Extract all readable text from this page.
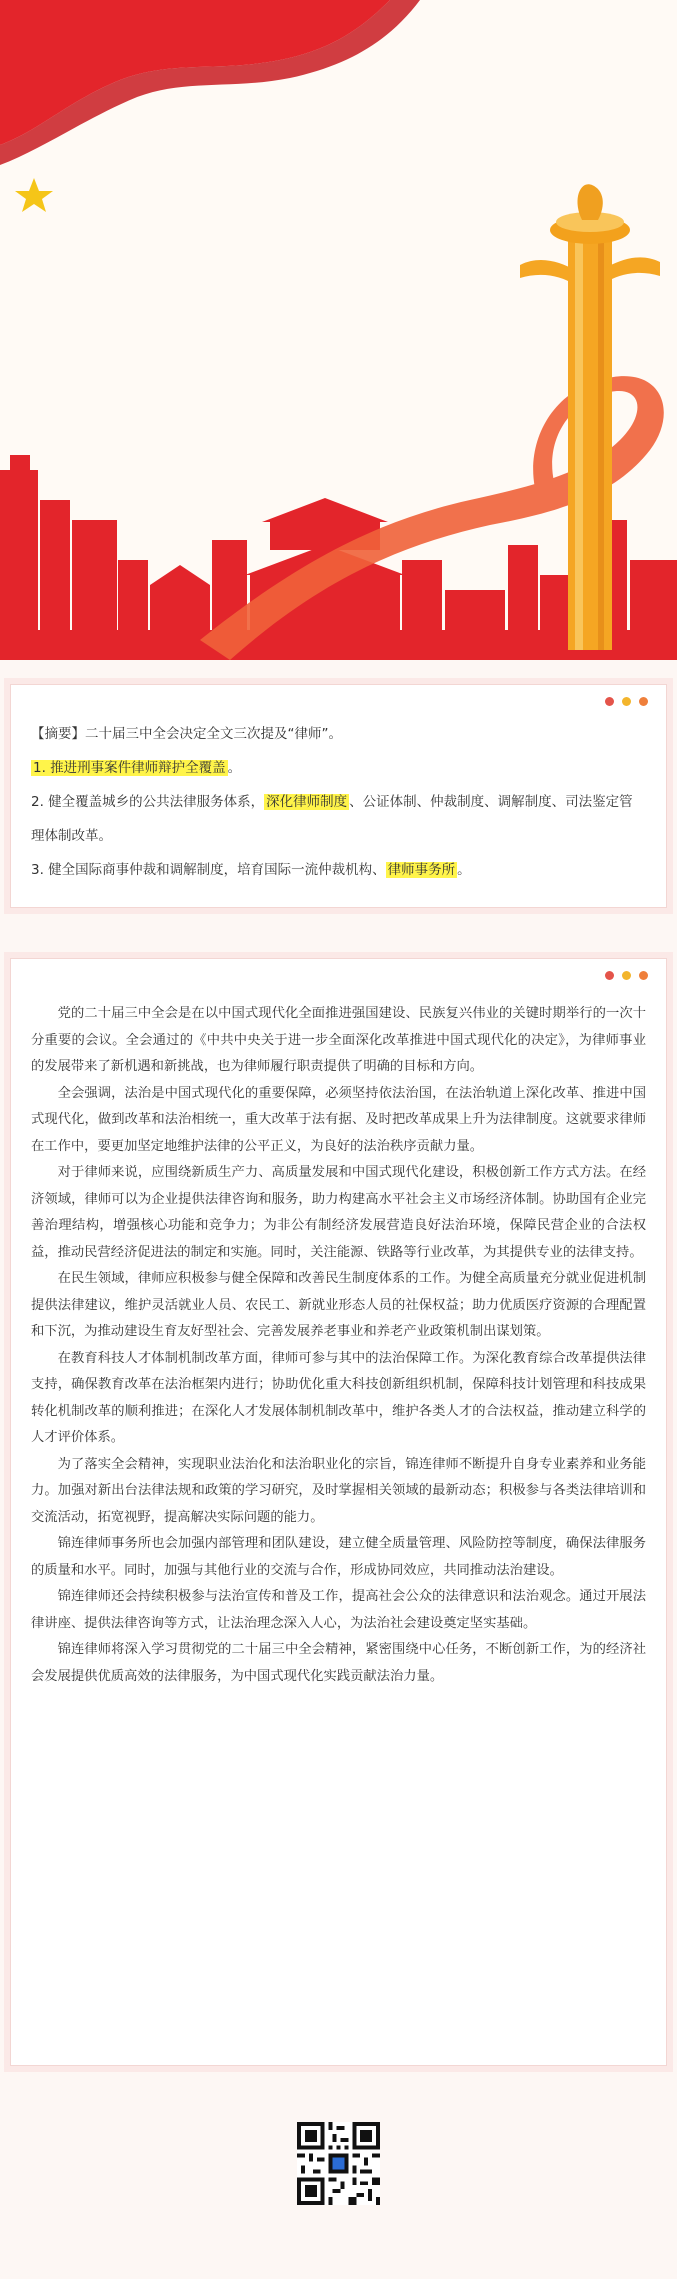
【摘要】二十届三中全会决定全文三次提及“律师”。

1. 推进刑事案件律师辩护全覆盖 。

2. 健全覆盖城乡的公共法律服务体系， 深化律师制度 、公证体制、仲裁制度、调解制度、司法鉴定管理体制改革。

3. 健全国际商事仲裁和调解制度，培育国际一流仲裁机构、 律师事务所 。

党的二十届三中全会是在以中国式现代化全面推进强国建设、民族复兴伟业的关键时期举行的一次十分重要的会议。全会通过的《中共中央关于进一步全面深化改革推进中国式现代化的决定》，为律师事业的发展带来了新机遇和新挑战，也为律师履行职责提供了明确的目标和方向。

全会强调，法治是中国式现代化的重要保障，必须坚持依法治国，在法治轨道上深化改革、推进中国式现代化，做到改革和法治相统一，重大改革于法有据、及时把改革成果上升为法律制度。这就要求律师在工作中，要更加坚定地维护法律的公平正义，为良好的法治秩序贡献力量。

对于律师来说，应围绕新质生产力、高质量发展和中国式现代化建设，积极创新工作方式方法。在经济领域，律师可以为企业提供法律咨询和服务，助力构建高水平社会主义市场经济体制。协助国有企业完善治理结构，增强核心功能和竞争力；为非公有制经济发展营造良好法治环境，保障民营企业的合法权益，推动民营经济促进法的制定和实施。同时，关注能源、铁路等行业改革，为其提供专业的法律支持。

在民生领域，律师应积极参与健全保障和改善民生制度体系的工作。为健全高质量充分就业促进机制提供法律建议，维护灵活就业人员、农民工、新就业形态人员的社保权益；助力优质医疗资源的合理配置和下沉，为推动建设生育友好型社会、完善发展养老事业和养老产业政策机制出谋划策。

在教育科技人才体制机制改革方面，律师可参与其中的法治保障工作。为深化教育综合改革提供法律支持，确保教育改革在法治框架内进行；协助优化重大科技创新组织机制，保障科技计划管理和科技成果转化机制改革的顺利推进；在深化人才发展体制机制改革中，维护各类人才的合法权益，推动建立科学的人才评价体系。

为了落实全会精神，实现职业法治化和法治职业化的宗旨，锦连律师不断提升自身专业素养和业务能力。加强对新出台法律法规和政策的学习研究，及时掌握相关领域的最新动态；积极参与各类法律培训和交流活动，拓宽视野，提高解决实际问题的能力。

锦连律师事务所也会加强内部管理和团队建设，建立健全质量管理、风险防控等制度，确保法律服务的质量和水平。同时，加强与其他行业的交流与合作，形成协同效应，共同推动法治建设。

锦连律师还会持续积极参与法治宣传和普及工作，提高社会公众的法律意识和法治观念。通过开展法律讲座、提供法律咨询等方式，让法治理念深入人心，为法治社会建设奠定坚实基础。

锦连律师将深入学习贯彻党的二十届三中全会精神，紧密围绕中心任务，不断创新工作，为的经济社会发展提供优质高效的法律服务，为中国式现代化实践贡献法治力量。
